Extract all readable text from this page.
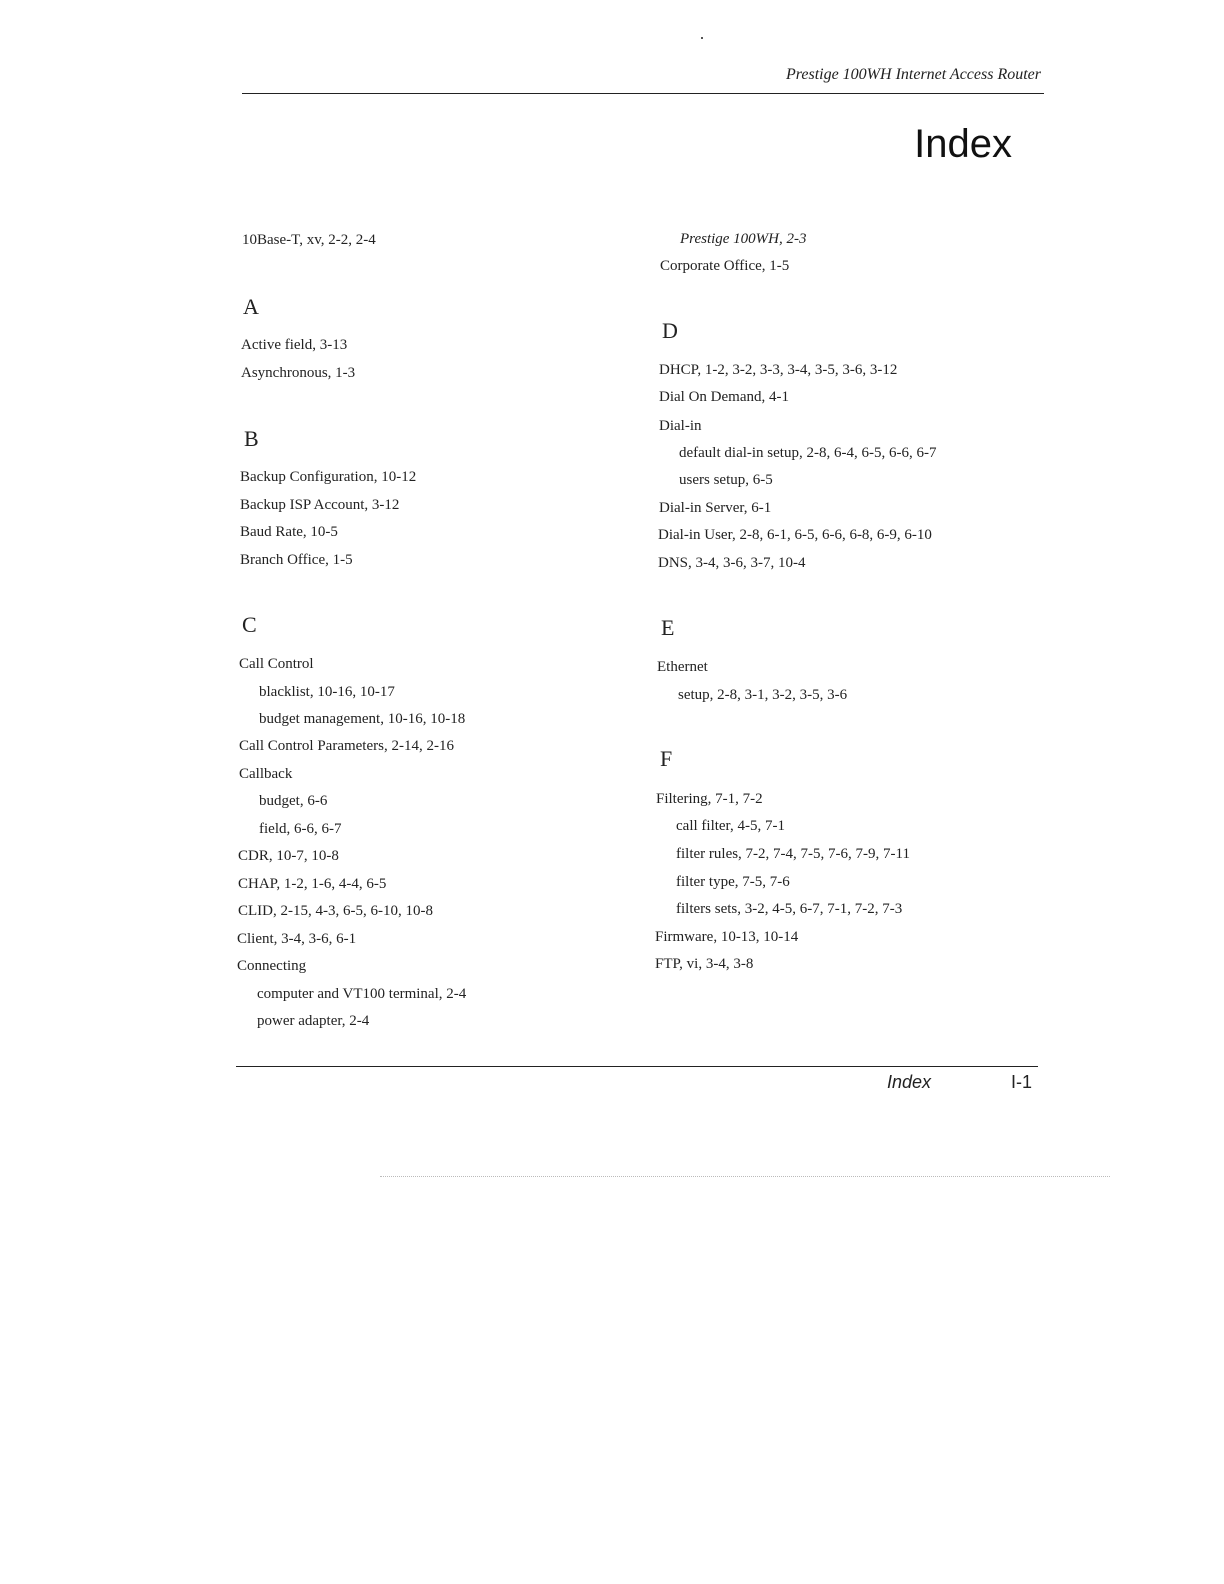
Prestige 100WH Internet Access Router
Index
10Base-T, xv, 2-2, 2-4
A
Active field, 3-13
Asynchronous, 1-3
B
Backup Configuration, 10-12
Backup ISP Account, 3-12
Baud Rate, 10-5
Branch Office, 1-5
C
Call Control
blacklist, 10-16, 10-17
budget management, 10-16, 10-18
Call Control Parameters, 2-14, 2-16
Callback
budget, 6-6
field, 6-6, 6-7
CDR, 10-7, 10-8
CHAP, 1-2, 1-6, 4-4, 6-5
CLID, 2-15, 4-3, 6-5, 6-10, 10-8
Client, 3-4, 3-6, 6-1
Connecting
computer and VT100 terminal, 2-4
power adapter, 2-4
Prestige 100WH, 2-3
Corporate Office, 1-5
D
DHCP, 1-2, 3-2, 3-3, 3-4, 3-5, 3-6, 3-12
Dial On Demand, 4-1
Dial-in
default dial-in setup, 2-8, 6-4, 6-5, 6-6, 6-7
users setup, 6-5
Dial-in Server, 6-1
Dial-in User, 2-8, 6-1, 6-5, 6-6, 6-8, 6-9, 6-10
DNS, 3-4, 3-6, 3-7, 10-4
E
Ethernet
setup, 2-8, 3-1, 3-2, 3-5, 3-6
F
Filtering, 7-1, 7-2
call filter, 4-5, 7-1
filter rules, 7-2, 7-4, 7-5, 7-6, 7-9, 7-11
filter type, 7-5, 7-6
filters sets, 3-2, 4-5, 6-7, 7-1, 7-2, 7-3
Firmware, 10-13, 10-14
FTP, vi, 3-4, 3-8
Index	I-1
